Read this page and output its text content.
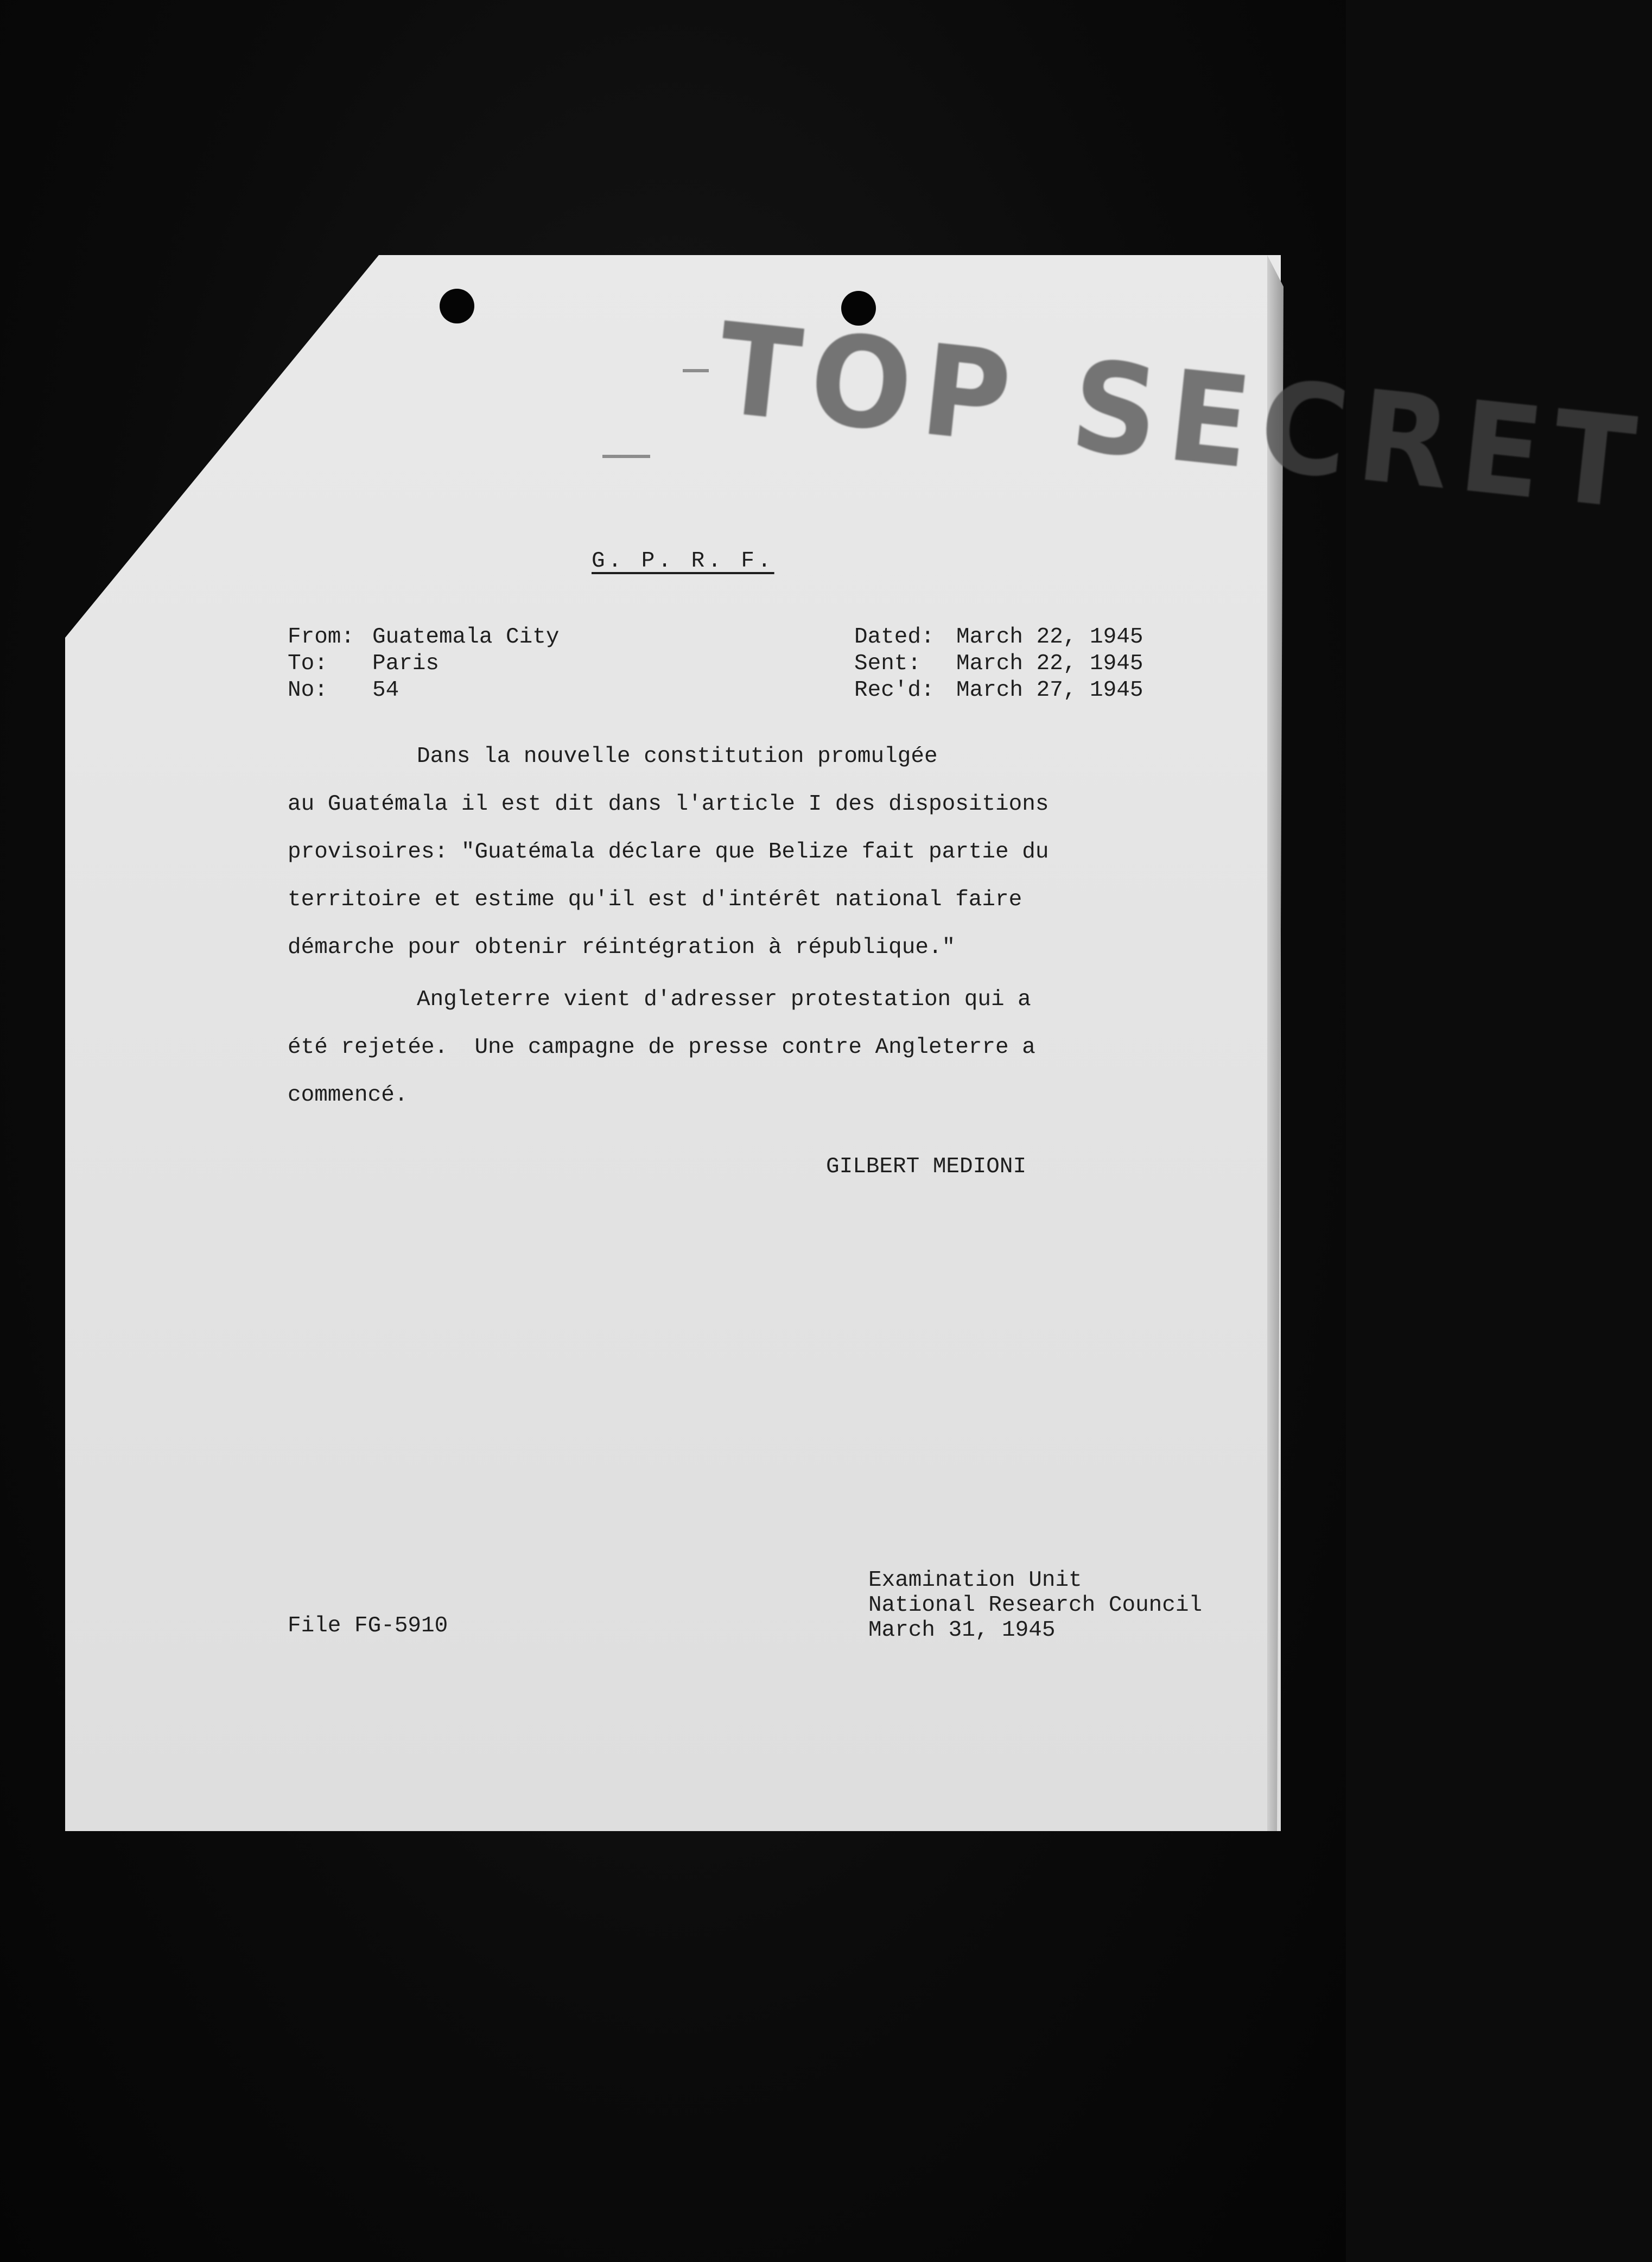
TOP SECRET
G. P. R. F.
From: Guatemala City
To: Paris
No: 54
Dated: March 22, 1945
Sent: March 22, 1945
Rec'd: March 27, 1945
Dans la nouvelle constitution promulgée
au Guatémala il est dit dans l'article I des dispositions
provisoires: "Guatémala déclare que Belize fait partie du
territoire et estime qu'il est d'intérêt national faire
démarche pour obtenir réintégration à république."
Angleterre vient d'adresser protestation qui a
été rejetée.  Une campagne de presse contre Angleterre a
commencé.
GILBERT MEDIONI
File FG-5910
Examination Unit
National Research Council
March 31, 1945
